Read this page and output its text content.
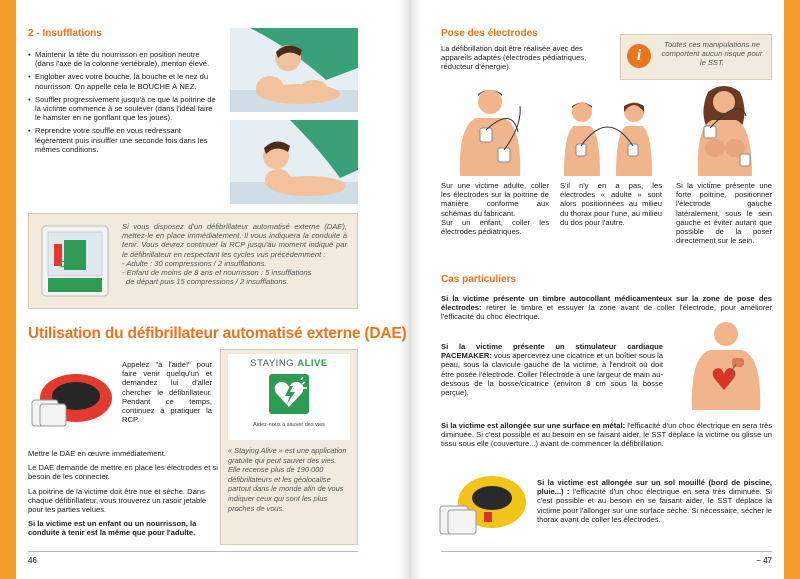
2 - Insufflations
• Maintenir la tête du nourrisson en position neutre (dans l'axe de la colonne vertébrale), menton élevé.
• Englober avec votre bouche, la bouche et le nez du nourrisson. On appelle cela le BOUCHE À NEZ.
• Souffler progressivement jusqu'à ce que la poitrine de la victime commence à se soulever (dans l'idéal faire le hamster en ne gonflant que les joues).
• Reprendre votre souffle en vous redressant légèrement puis insuffler une seconde fois dans les mêmes conditions.
DAE
Si vous disposez d'un défibrillateur automatisé externe (DAE), mettez-le en place immédiatement. Il vous indiquera la conduite à tenir. Vous devrez continuer la RCP jusqu'au moment indiqué par le défibrillateur en respectant les cycles vus précédemment :
- Adulte : 30 compressions / 2 insufflations.
- Enfant de moins de 8 ans et nourrisson : 5 insufflations
de départ puis 15 compressions / 2 insufflations.
Utilisation du défibrillateur automatisé externe (DAE)
Appelez "à l'aide!" pour faire venir quelqu'un et demandez lui d'aller chercher le défibrillateur. Pendant ce temps, continuez à pratiquer la RCP.
Mettre le DAE en œuvre immédiatement.
Le DAE demande de mettre en place les électrodes et si besoin de les connecter.
La poitrine de la victime doit être nue et sèche. Dans chaque défibrillateur, vous trouverez un rasoir jetable pour les parties velues.
Si la victime est un enfant ou un nourrisson, la conduite à tenir est la même que pour l'adulte.
STAYING ALIVE
Aidez-nous à sauver des vies
« Staying Alive » est une application gratuite qui peut sauver des vies. Elle recense plus de 190 000 défibrillateurs et les géolocalise partout dans le monde afin de vous indiquer ceux qui sont les plus proches de vous.
46
Pose des électrodes
La défibrillation doit être réalisée avec des appareils adaptés (électrodes pédiatriques, réducteur d'énergie).
i
Toutes ces manipulations ne comportent aucun risque pour le SST.
Sur une victime adulte, coller les électrodes sur la poitrine de manière conforme aux schémas du fabricant.
Sur un enfant, coller les électrodes pédiatriques.
S'il n'y en a pas, les électrodes « adulte » sont alors positionnées au milieu du thorax pour l'une, au milieu du dos pour l'autre.
Si la victime présente une forte poitrine, positionner l'électrode gauche latéralement, sous le sein gauche et éviter autant que possible de la poser directement sur le sein.
Cas particuliers
Si la victime présente un timbre autocollant médicamenteux sur la zone de pose des électrodes: retirer le timbre et essuyer la zone avant de coller l'électrode, pour améliorer l'efficacité du choc électrique.
Si la victime présente un stimulateur cardiaque PACEMAKER: vous apercevrez une cicatrice et un boîtier sous la peau, sous la clavicule gauche de la victime, à l'endroit où doit être posée l'électrode. Coller l'électrode à une largeur de main au-dessous de la bosse/cicatrice (environ 8 cm sous la bosse perçue).
Si la victime est allongée sur une surface en métal: l'efficacité d'un choc électrique en sera très diminuée. Si c'est possible et au besoin en se faisant aider, le SST déplace la victime ou glisse un tissu sous elle (couverture...) avant de commencer la défibrillation.
Si la victime est allongée sur un sol mouillé (bord de piscine, pluie...) : l'efficacité d'un choc électrique en sera très diminuée. Si c'est possible et au besoin en se faisant aider, le SST déplace la victime pour l'allonger sur une surface sèche. Si nécessaire, sécher le thorax avant de coller les électrodes.
– 47
